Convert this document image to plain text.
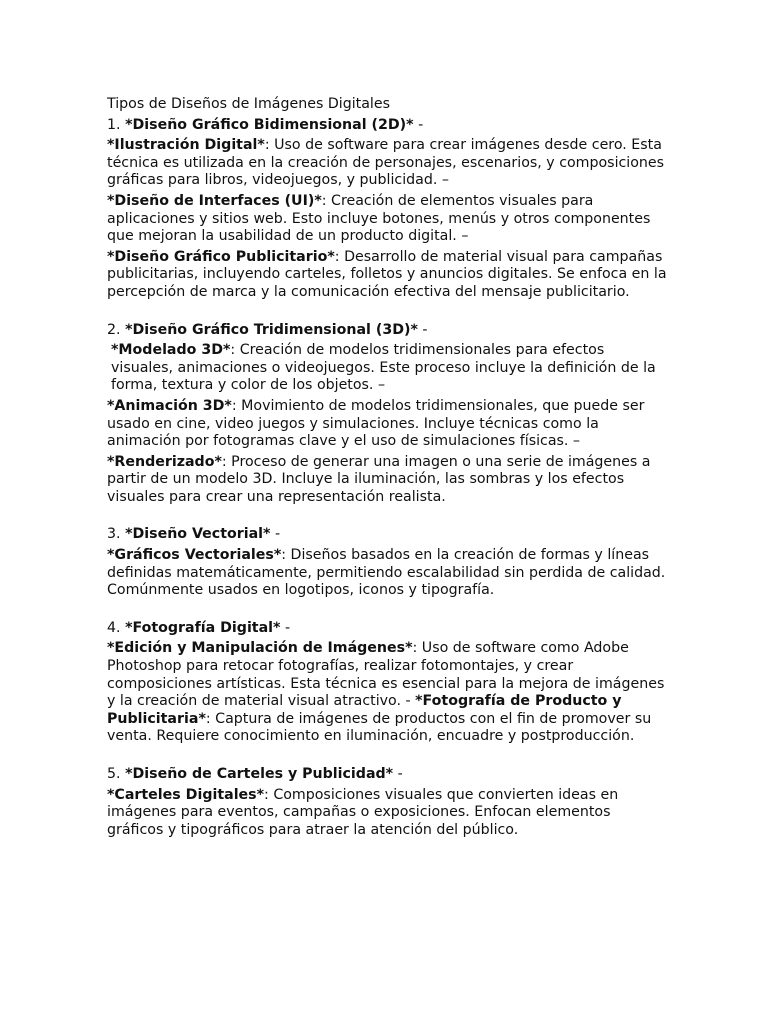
Tipos de Diseños de Imágenes Digitales
1. *Diseño Gráfico Bidimensional (2D)* -
*Ilustración Digital*: Uso de software para crear imágenes desde cero. Esta técnica es utilizada en la creación de personajes, escenarios, y composiciones gráficas para libros, videojuegos, y publicidad. –
*Diseño de Interfaces (UI)*: Creación de elementos visuales para aplicaciones y sitios web. Esto incluye botones, menús y otros componentes que mejoran la usabilidad de un producto digital. –
*Diseño Gráfico Publicitario*: Desarrollo de material visual para campañas publicitarias, incluyendo carteles, folletos y anuncios digitales. Se enfoca en la percepción de marca y la comunicación efectiva del mensaje publicitario.
2. *Diseño Gráfico Tridimensional (3D)* -
*Modelado 3D*: Creación de modelos tridimensionales para efectos visuales, animaciones o videojuegos. Este proceso incluye la definición de la forma, textura y color de los objetos. –
*Animación 3D*: Movimiento de modelos tridimensionales, que puede ser usado en cine, video juegos y simulaciones. Incluye técnicas como la animación por fotogramas clave y el uso de simulaciones físicas. –
*Renderizado*: Proceso de generar una imagen o una serie de imágenes a partir de un modelo 3D. Incluye la iluminación, las sombras y los efectos visuales para crear una representación realista.
3. *Diseño Vectorial* -
*Gráficos Vectoriales*: Diseños basados en la creación de formas y líneas definidas matemáticamente, permitiendo escalabilidad sin perdida de calidad. Comúnmente usados en logotipos, iconos y tipografía.
4. *Fotografía Digital* -
*Edición y Manipulación de Imágenes*: Uso de software como Adobe Photoshop para retocar fotografías, realizar fotomontajes, y crear composiciones artísticas. Esta técnica es esencial para la mejora de imágenes y la creación de material visual atractivo. - *Fotografía de Producto y Publicitaria*: Captura de imágenes de productos con el fin de promover su venta. Requiere conocimiento en iluminación, encuadre y postproducción.
5. *Diseño de Carteles y Publicidad* -
*Carteles Digitales*: Composiciones visuales que convierten ideas en imágenes para eventos, campañas o exposiciones. Enfocan elementos gráficos y tipográficos para atraer la atención del público.
